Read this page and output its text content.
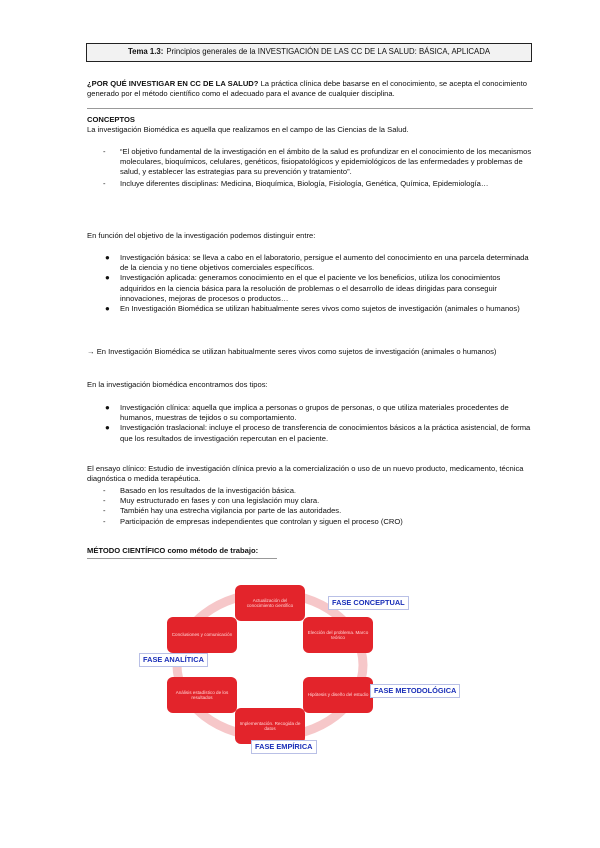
Tema 1.3: Principios generales de la INVESTIGACIÓN DE LAS CC DE LA SALUD: BÁSICA, APLICADA
¿POR QUÉ INVESTIGAR EN CC DE LA SALUD? La práctica clínica debe basarse en el conocimiento, se acepta el conocimiento generado por el método científico como el adecuado para el avance de cualquier disciplina.
CONCEPTOS
La investigación Biomédica es aquella que realizamos en el campo de las Ciencias de la Salud.
- “El objetivo fundamental de la investigación en el ámbito de la salud es profundizar en el conocimiento de los mecanismos moleculares, bioquímicos, celulares, genéticos, fisiopatológicos y epidemiológicos de las enfermedades y problemas de salud, y establecer las estrategias para su prevención y tratamiento”.
- Incluye diferentes disciplinas: Medicina, Bioquímica, Biología, Fisiología, Genética, Química, Epidemiología…
En función del objetivo de la investigación podemos distinguir entre:
● Investigación básica: se lleva a cabo en el laboratorio, persigue el aumento del conocimiento en una parcela determinada de la ciencia y no tiene objetivos comerciales específicos.
● Investigación aplicada: generamos conocimiento en el que el paciente ve los beneficios, utiliza los conocimientos adquiridos en la ciencia básica para la resolución de problemas o el desarrollo de ideas dirigidas para conseguir innovaciones, mejoras de procesos o productos…
● En Investigación Biomédica se utilizan habitualmente seres vivos como sujetos de investigación (animales o humanos)
→ En Investigación Biomédica se utilizan habitualmente seres vivos como sujetos de investigación (animales o humanos)
En la investigación biomédica encontramos dos tipos:
● Investigación clínica: aquella que implica a personas o grupos de personas, o que utiliza materiales procedentes de humanos, muestras de tejidos o su comportamiento.
● Investigación traslacional: incluye el proceso de transferencia de conocimientos básicos a la práctica asistencial, de forma que los resultados de investigación repercutan en el paciente.
El ensayo clínico: Estudio de investigación clínica previo a la comercialización o uso de un nuevo producto, medicamento, técnica diagnóstica o medida terapéutica.
- Basado en los resultados de la investigación básica.
- Muy estructurado en fases y con una legislación muy clara.
- También hay una estrecha vigilancia por parte de las autoridades.
- Participación de empresas independientes que controlan y siguen el proceso (CRO)
MÉTODO CIENTÍFICO como método de trabajo:
Actualización del conocimiento científico
Elección del problema. Marco teórico
Hipótesis y diseño del estudio
Implementación. Recogida de datos
Análisis estadístico de los resultados
Conclusiones y comunicación
FASE CONCEPTUAL
FASE ANALÍTICA
FASE METODOLÓGICA
FASE EMPÍRICA
